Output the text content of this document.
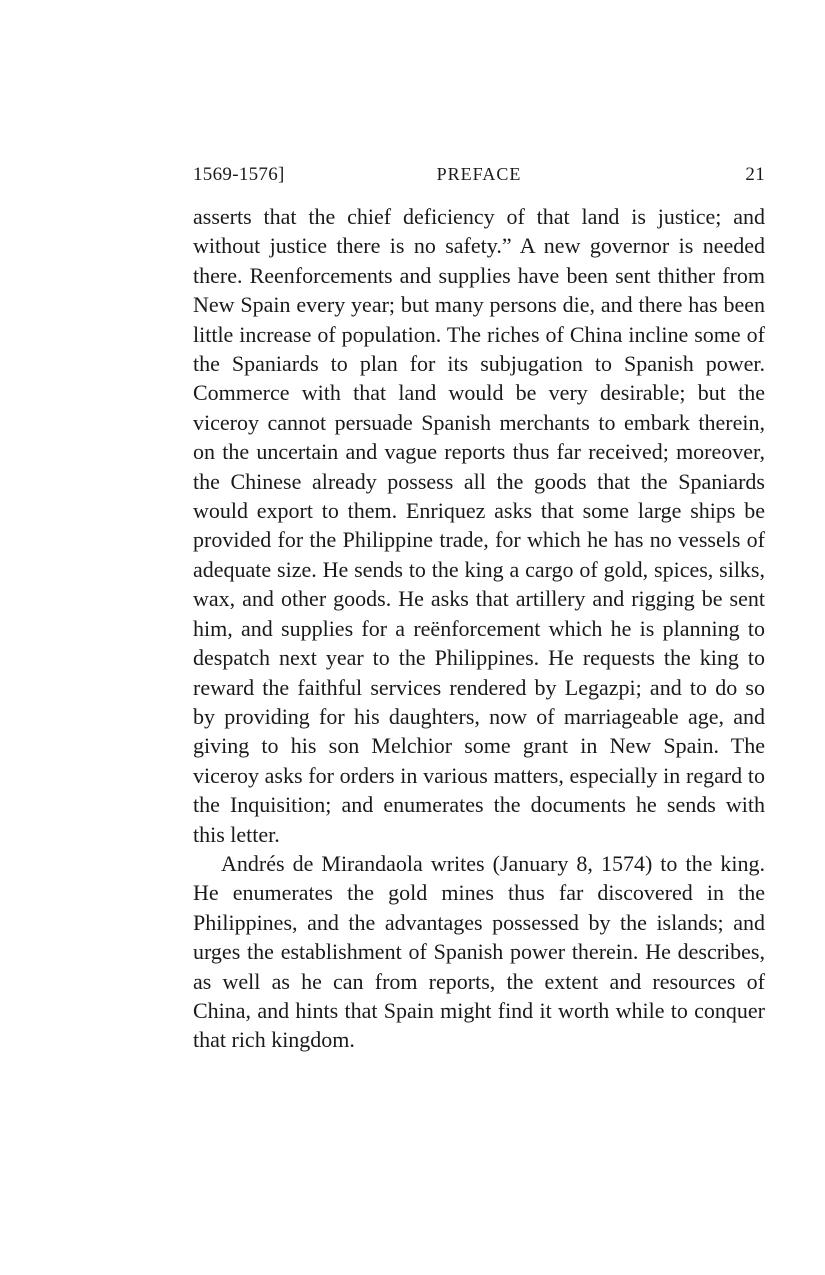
1569-1576]	PREFACE	21

asserts that the chief deficiency of that land is justice; and without justice there is no safety.” A new governor is needed there. Reenforcements and supplies have been sent thither from New Spain every year; but many persons die, and there has been little increase of population. The riches of China incline some of the Spaniards to plan for its subjugation to Spanish power. Commerce with that land would be very desirable; but the viceroy cannot persuade Spanish merchants to embark therein, on the uncertain and vague reports thus far received; moreover, the Chinese already possess all the goods that the Spaniards would export to them. Enriquez asks that some large ships be provided for the Philippine trade, for which he has no vessels of adequate size. He sends to the king a cargo of gold, spices, silks, wax, and other goods. He asks that artillery and rigging be sent him, and supplies for a reënforcement which he is planning to despatch next year to the Philippines. He requests the king to reward the faithful services rendered by Legazpi; and to do so by providing for his daughters, now of marriageable age, and giving to his son Melchior some grant in New Spain. The viceroy asks for orders in various matters, especially in regard to the Inquisition; and enumerates the documents he sends with this letter.

Andrés de Mirandaola writes (January 8, 1574) to the king. He enumerates the gold mines thus far discovered in the Philippines, and the advantages possessed by the islands; and urges the establishment of Spanish power therein. He describes, as well as he can from reports, the extent and resources of China, and hints that Spain might find it worth while to conquer that rich kingdom.
